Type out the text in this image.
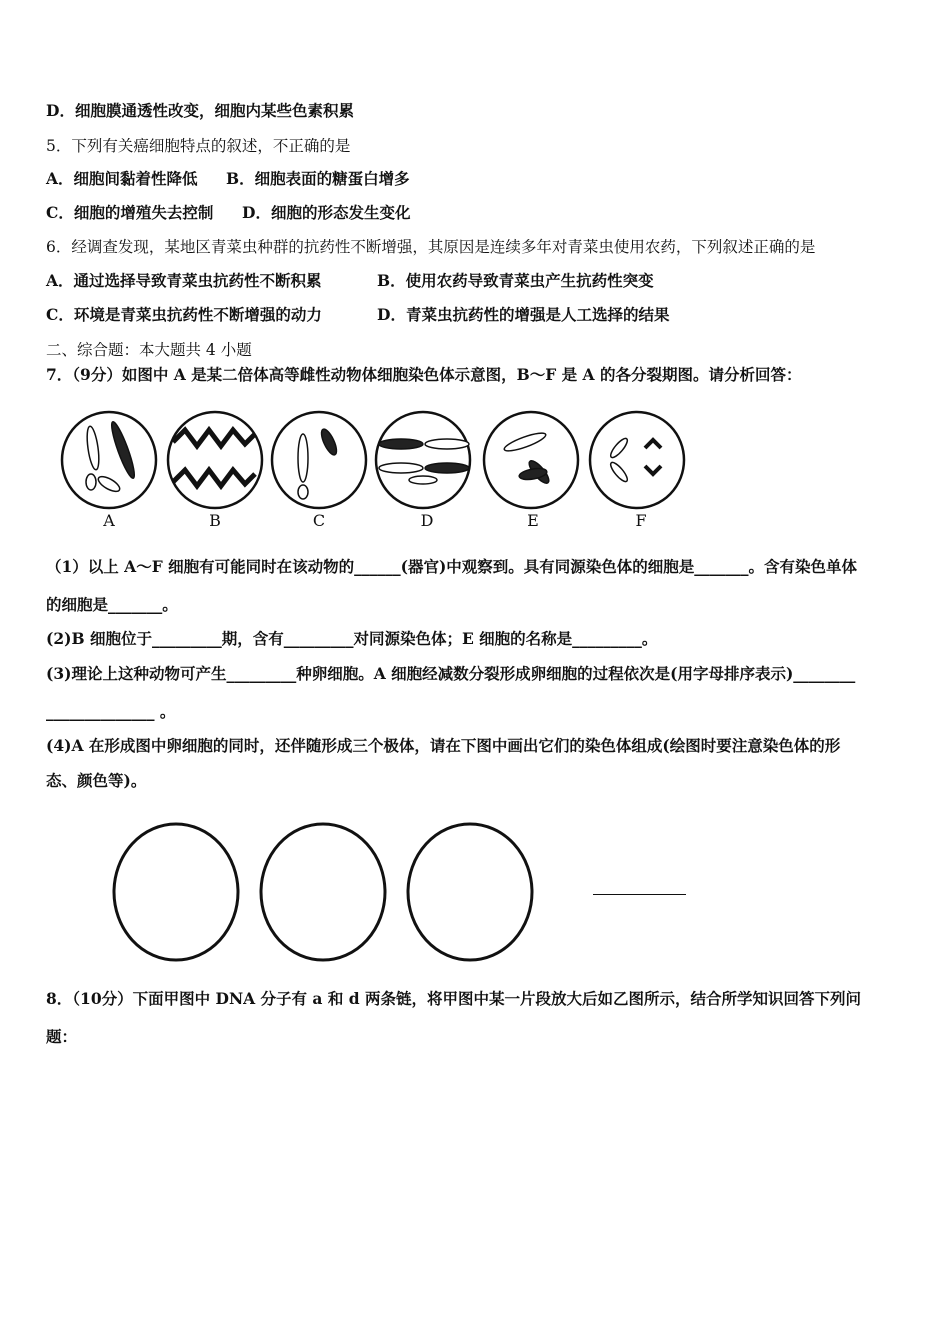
D．细胞膜通透性改变，细胞内某些色素积累
5．下列有关癌细胞特点的叙述，不正确的是
A．细胞间黏着性降低 B．细胞表面的糖蛋白增多
C．细胞的增殖失去控制 D．细胞的形态发生变化
6．经调查发现，某地区青菜虫种群的抗药性不断增强，其原因是连续多年对青菜虫使用农药，下列叙述正确的是
A．通过选择导致青菜虫抗药性不断积累	B．使用农药导致青菜虫产生抗药性突变
C．环境是青菜虫抗药性不断增强的动力	D．青菜虫抗药性的增强是人工选择的结果
二、综合题：本大题共 4 小题
7．（9分）如图中 A 是某二倍体高等雌性动物体细胞染色体示意图，B～F 是 A 的各分裂期图。请分析回答：
A	B	C	D	E	F
（1）以上 A～F 细胞有可能同时在该动物的______(器官)中观察到。具有同源染色体的细胞是_______。含有染色单体
的细胞是_______。
(2)B 细胞位于_________期，含有_________对同源染色体；E 细胞的名称是_________。
(3)理论上这种动物可产生_________种卵细胞。A 细胞经减数分裂形成卵细胞的过程依次是(用字母排序表示)________
______________ 。
(4)A 在形成图中卵细胞的同时，还伴随形成三个极体，请在下图中画出它们的染色体组成(绘图时要注意染色体的形
态、颜色等)。
8．（10分）下面甲图中 DNA 分子有 a 和 d 两条链，将甲图中某一片段放大后如乙图所示，结合所学知识回答下列问
题：
